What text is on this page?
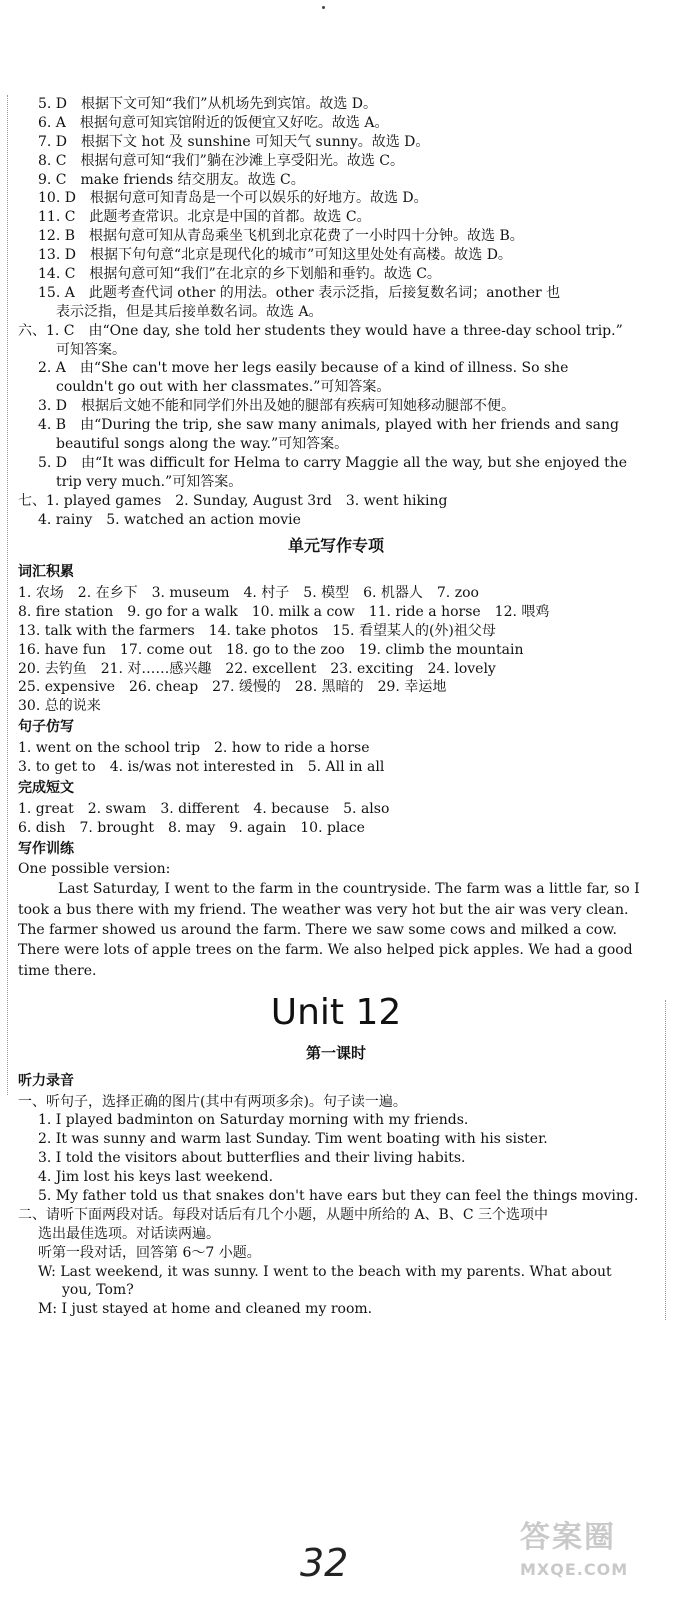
5. D　根据下文可知“我们”从机场先到宾馆。故选 D。

6. A　根据句意可知宾馆附近的饭便宜又好吃。故选 A。

7. D　根据下文 hot 及 sunshine 可知天气 sunny。故选 D。

8. C　根据句意可知“我们”躺在沙滩上享受阳光。故选 C。

9. C　make friends 结交朋友。故选 C。

10. D　根据句意可知青岛是一个可以娱乐的好地方。故选 D。

11. C　此题考查常识。北京是中国的首都。故选 C。

12. B　根据句意可知从青岛乘坐飞机到北京花费了一小时四十分钟。故选 B。

13. D　根据下句句意“北京是现代化的城市”可知这里处处有高楼。故选 D。

14. C　根据句意可知“我们”在北京的乡下划船和垂钓。故选 C。

15. A　此题考查代词 other 的用法。other 表示泛指，后接复数名词；another 也

表示泛指，但是其后接单数名词。故选 A。

六、1. C　由“One day, she told her students they would have a three-day school trip.”

可知答案。

2. A　由“She can't move her legs easily because of a kind of illness. So she

couldn't go out with her classmates.”可知答案。

3. D　根据后文她不能和同学们外出及她的腿部有疾病可知她移动腿部不便。

4. B　由“During the trip, she saw many animals, played with her friends and sang

beautiful songs along the way.”可知答案。

5. D　由“It was difficult for Helma to carry Maggie all the way, but she enjoyed the

trip very much.”可知答案。

七、1. played games　2. Sunday, August 3rd　3. went hiking

4. rainy　5. watched an action movie

单元写作专项
词汇积累

1. 农场　2. 在乡下　3. museum　4. 村子　5. 模型　6. 机器人　7. zoo

8. fire station　9. go for a walk　10. milk a cow　11. ride a horse　12. 喂鸡

13. talk with the farmers　14. take photos　15. 看望某人的(外)祖父母

16. have fun　17. come out　18. go to the zoo　19. climb the mountain

20. 去钓鱼　21. 对……感兴趣　22. excellent　23. exciting　24. lovely

25. expensive　26. cheap　27. 缓慢的　28. 黑暗的　29. 幸运地

30. 总的说来

句子仿写

1. went on the school trip　2. how to ride a horse

3. to get to　4. is/was not interested in　5. All in all

完成短文

1. great　2. swam　3. different　4. because　5. also

6. dish　7. brought　8. may　9. again　10. place

写作训练

One possible version:

Last Saturday, I went to the farm in the countryside. The farm was a little far, so I took a bus there with my friend. The weather was very hot but the air was very clean. The farmer showed us around the farm. There we saw some cows and milked a cow. There were lots of apple trees on the farm. We also helped pick apples. We had a good time there.

Unit 12
第一课时
听力录音

一、听句子，选择正确的图片(其中有两项多余)。句子读一遍。

1. I played badminton on Saturday morning with my friends.

2. It was sunny and warm last Sunday. Tim went boating with his sister.

3. I told the visitors about butterflies and their living habits.

4. Jim lost his keys last weekend.

5. My father told us that snakes don't have ears but they can feel the things moving.

二、请听下面两段对话。每段对话后有几个小题，从题中所给的 A、B、C 三个选项中

选出最佳选项。对话读两遍。

听第一段对话，回答第 6～7 小题。

W: Last weekend, it was sunny. I went to the beach with my parents. What about

you, Tom?

M: I just stayed at home and cleaned my room.

32
答案圈
MXQE.COM
